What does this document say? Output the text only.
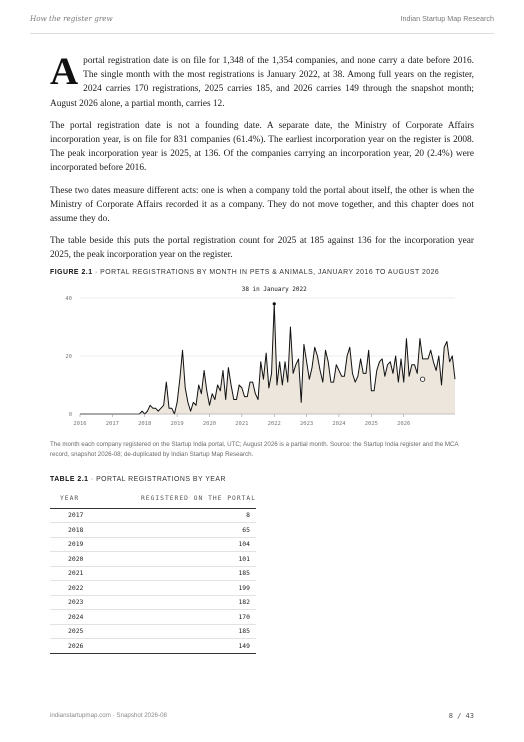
How the register grew	Indian Startup Map Research

Aportal registration date is on file for 1,348 of the 1,354 companies, and none carry a date before 2016. The single month with the most registrations is January 2022, at 38. Among full years on the register, 2024 carries 170 registrations, 2025 carries 185, and 2026 carries 149 through the snapshot month; August 2026 alone, a partial month, carries 12.

The portal registration date is not a founding date. A separate date, the Ministry of Corporate Affairs incorporation year, is on file for 831 companies (61.4%). The earliest incorporation year on the register is 2008. The peak incorporation year is 2025, at 136. Of the companies carrying an incorporation year, 20 (2.4%) were incorporated before 2016.

These two dates measure different acts: one is when a company told the portal about itself, the other is when the Ministry of Corporate Affairs recorded it as a company. They do not move together, and this chapter does not assume they do.

The table beside this puts the portal registration count for 2025 at 185 against 136 for the incorporation year 2025, the peak incorporation year on the register.

FIGURE 2.1 · PORTAL REGISTRATIONS BY MONTH IN PETS & ANIMALS, JANUARY 2016 TO AUGUST 2026
0
20
40
2016	2017	2018	2019	2020	2021	2022	2023	2024	2025	2026
38 in January 2022
The month each company registered on the Startup India portal, UTC; August 2026 is a partial month. Source: the Startup India register and the MCA record, snapshot 2026-08; de-duplicated by Indian Startup Map Research.
TABLE 2.1 · PORTAL REGISTRATIONS BY YEAR
YEAR	REGISTERED ON THE PORTAL
2017	8
2018	65
2019	104
2020	101
2021	185
2022	199
2023	182
2024	170
2025	185
2026	149
indianstartupmap.com · Snapshot 2026-08	8 / 43
